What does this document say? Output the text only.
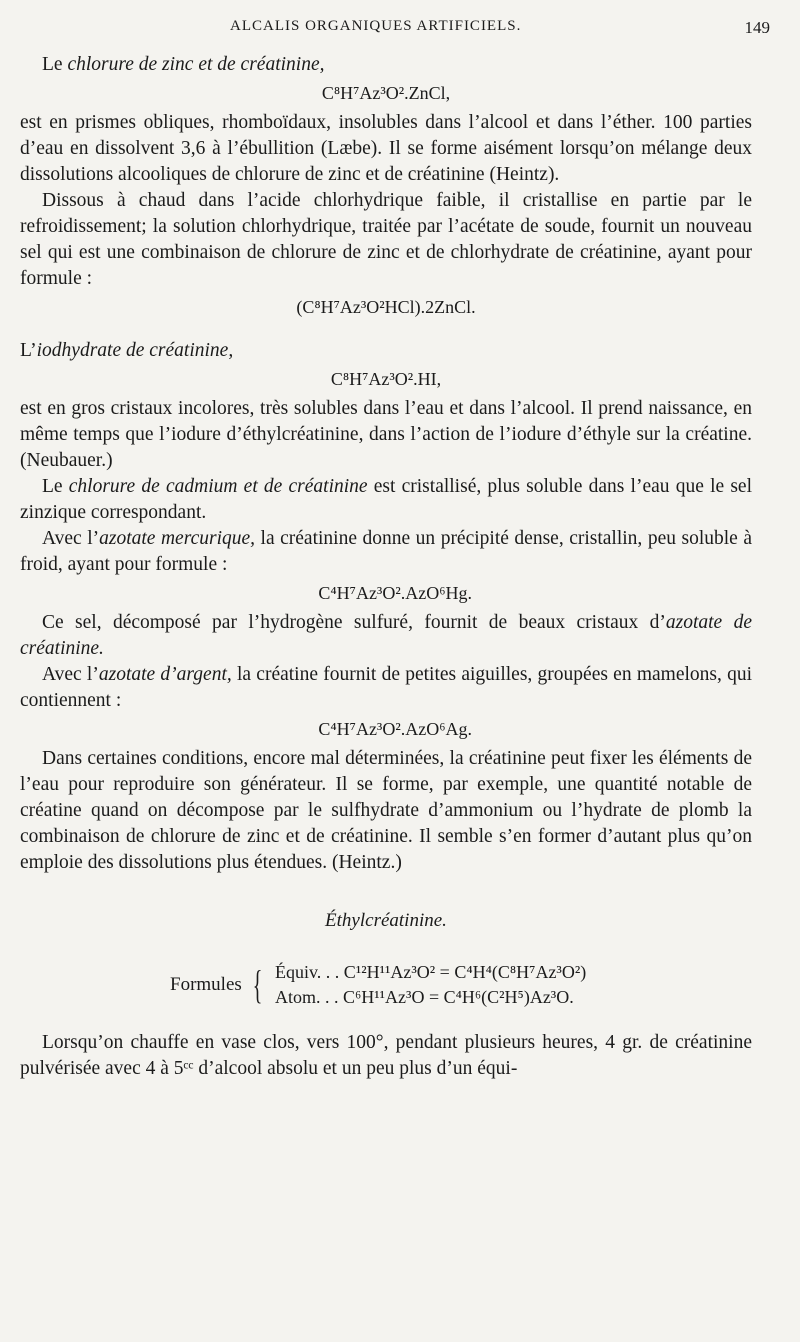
ALCALIS ORGANIQUES ARTIFICIELS.	149

Le chlorure de zinc et de créatinine,

C⁸H⁷Az³O².ZnCl,

est en prismes obliques, rhomboïdaux, insolubles dans l’alcool et dans l’éther. 100 parties d’eau en dissolvent 3,6 à l’ébullition (Læbe). Il se forme aisément lorsqu’on mélange deux dissolutions alcooliques de chlorure de zinc et de créatinine (Heintz).

Dissous à chaud dans l’acide chlorhydrique faible, il cristallise en partie par le refroidissement; la solution chlorhydrique, traitée par l’acétate de soude, fournit un nouveau sel qui est une combinaison de chlorure de zinc et de chlorhydrate de créatinine, ayant pour formule :

(C⁸H⁷Az³O²HCl).2ZnCl.

L’iodhydrate de créatinine,

C⁸H⁷Az³O².HI,

est en gros cristaux incolores, très solubles dans l’eau et dans l’alcool. Il prend naissance, en même temps que l’iodure d’éthylcréatinine, dans l’action de l’iodure d’éthyle sur la créatine. (Neubauer.)

Le chlorure de cadmium et de créatinine est cristallisé, plus soluble dans l’eau que le sel zinzique correspondant.

Avec l’azotate mercurique, la créatinine donne un précipité dense, cristallin, peu soluble à froid, ayant pour formule :

C⁴H⁷Az³O².AzO⁶Hg.

Ce sel, décomposé par l’hydrogène sulfuré, fournit de beaux cristaux d’azotate de créatinine.

Avec l’azotate d’argent, la créatine fournit de petites aiguilles, groupées en mamelons, qui contiennent :

C⁴H⁷Az³O².AzO⁶Ag.

Dans certaines conditions, encore mal déterminées, la créatinine peut fixer les éléments de l’eau pour reproduire son générateur. Il se forme, par exemple, une quantité notable de créatine quand on décompose par le sulfhydrate d’ammonium ou l’hydrate de plomb la combinaison de chlorure de zinc et de créatinine. Il semble s’en former d’autant plus qu’on emploie des dissolutions plus étendues. (Heintz.)

Éthylcréatinine.
Formules { Équiv. . . C¹²H¹¹Az³O² = C⁴H⁴(C⁸H⁷Az³O²)
Atom. . . C⁶H¹¹Az³O = C⁴H⁶(C²H⁵)Az³O.

Lorsqu’on chauffe en vase clos, vers 100°, pendant plusieurs heures, 4 gr. de créatinine pulvérisée avec 4 à 5ᶜᶜ d’alcool absolu et un peu plus d’un équi-
